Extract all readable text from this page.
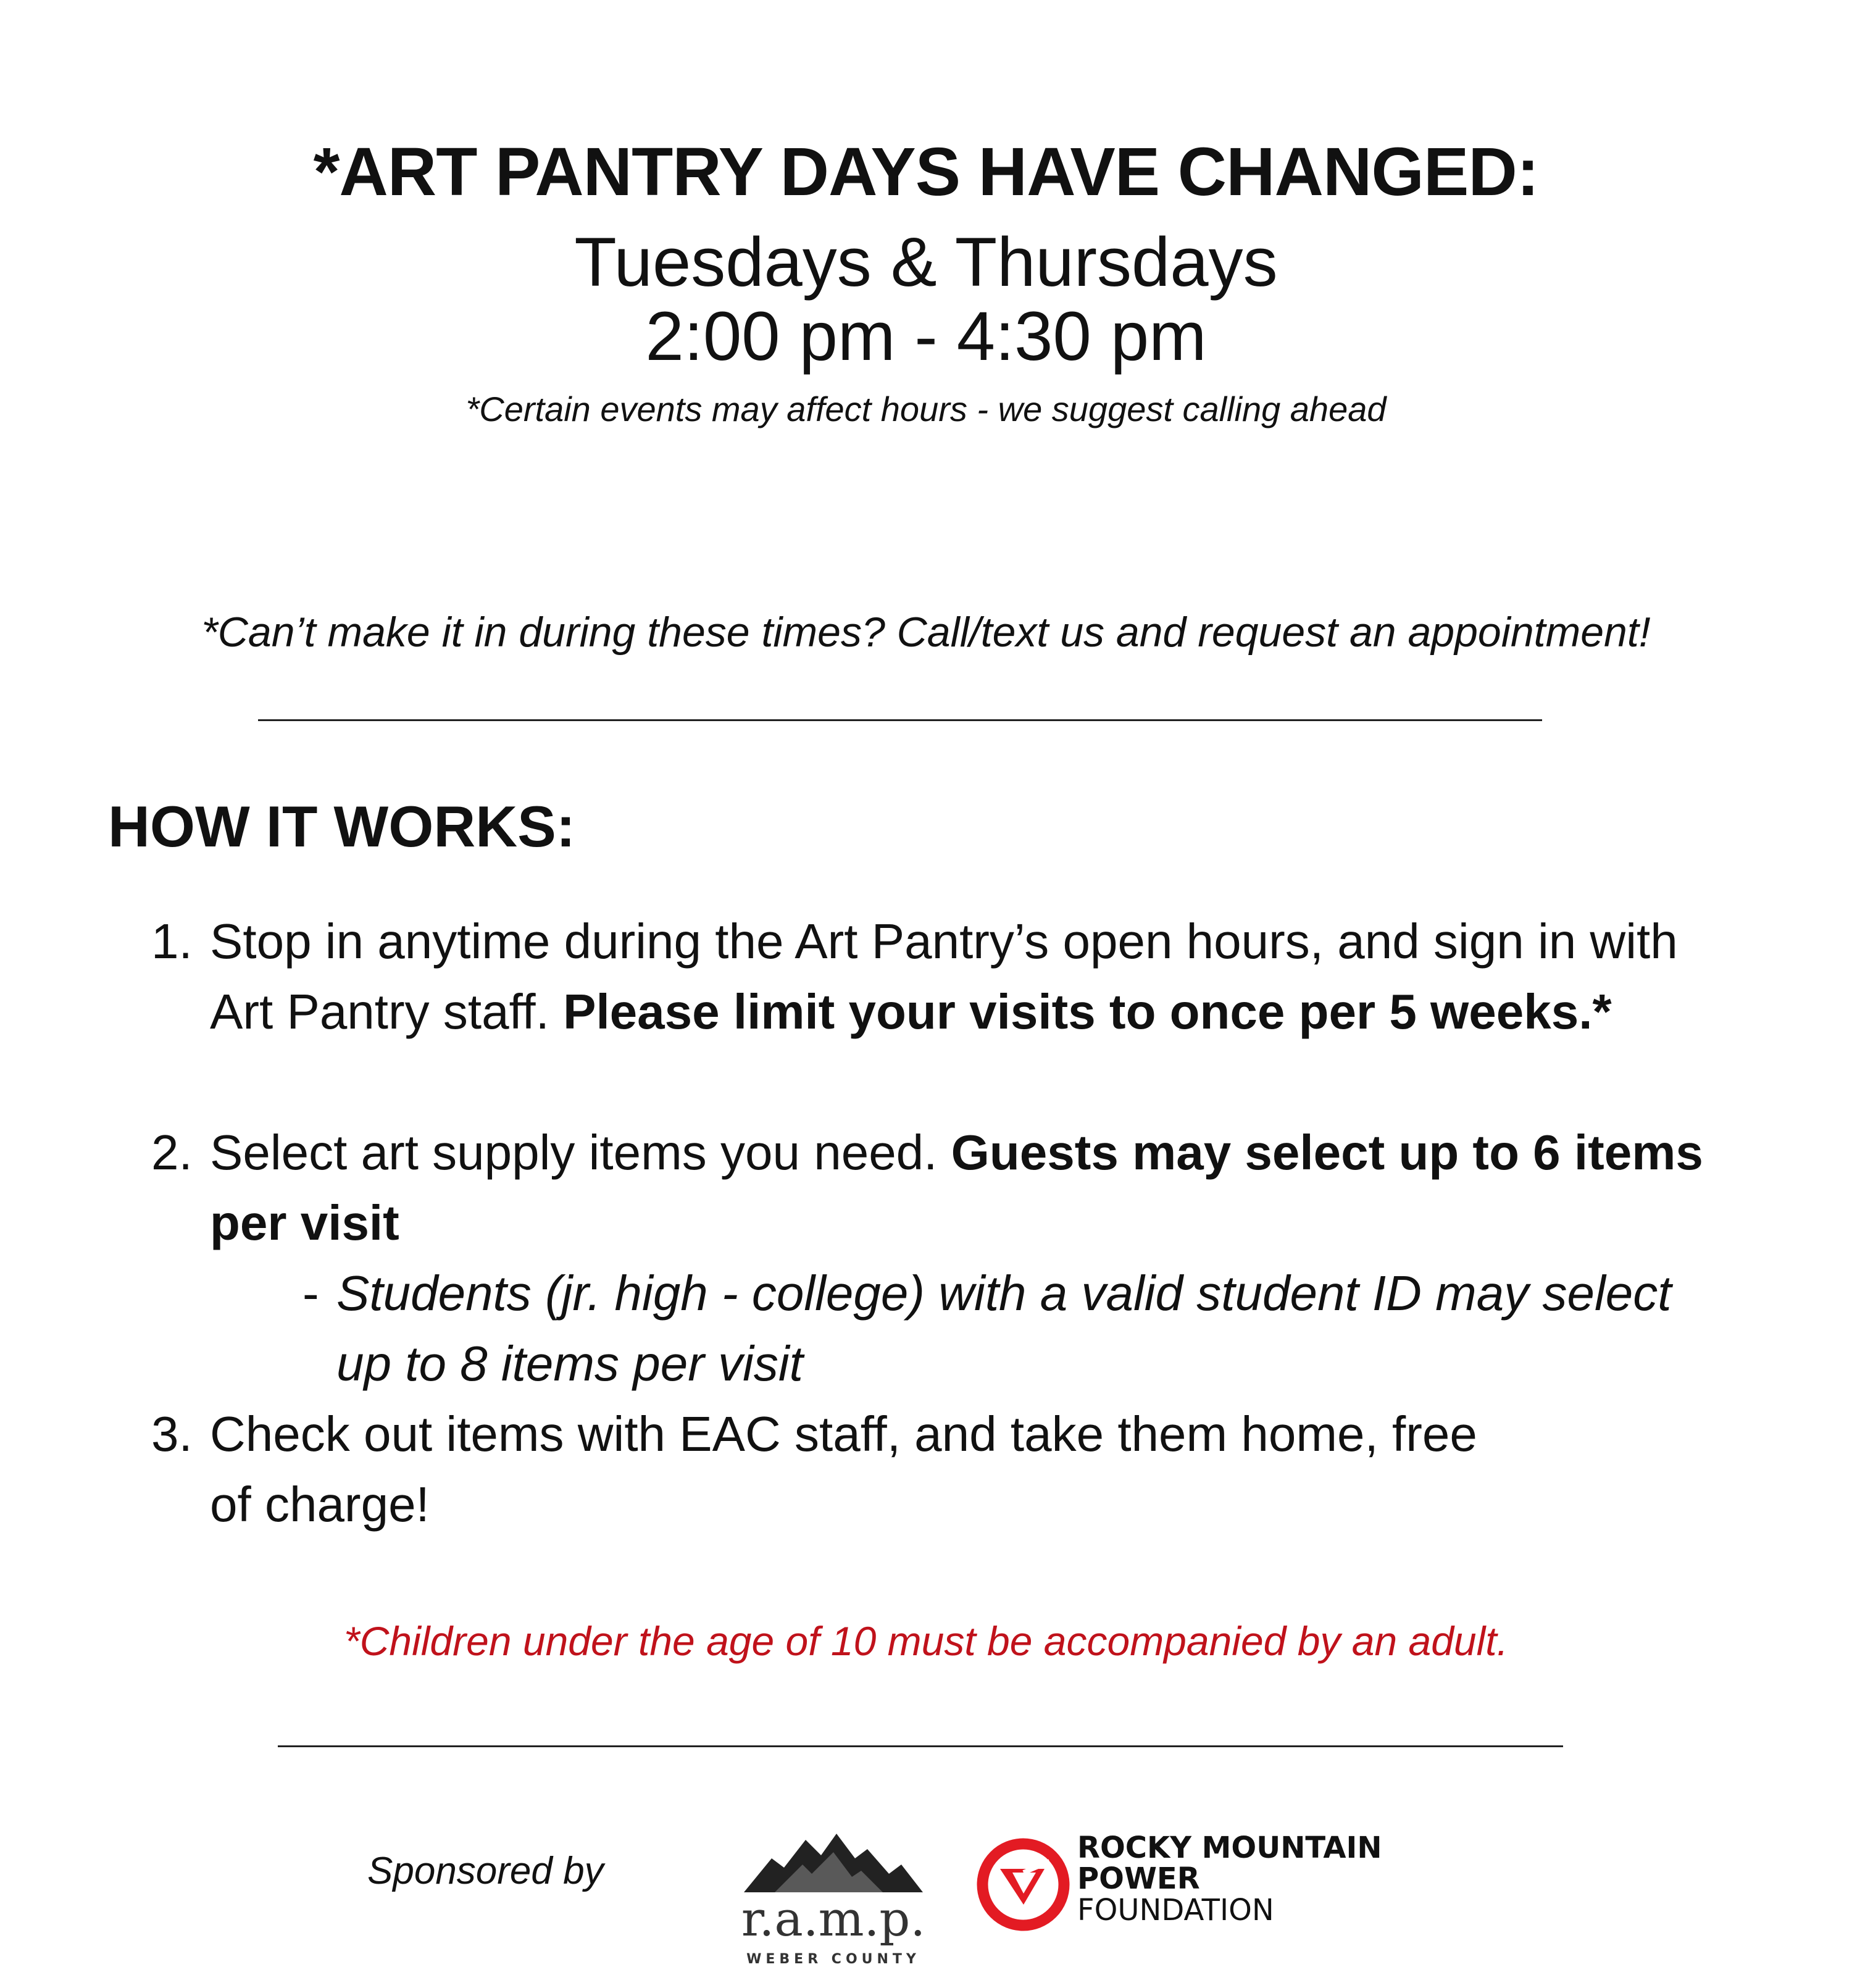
*ART PANTRY DAYS HAVE CHANGED:
Tuesdays & Thursdays
2:00 pm - 4:30 pm
*Certain events may affect hours - we suggest calling ahead
*Can’t make it in during these times? Call/text us and request an appointment!
HOW IT WORKS:
1. Stop in anytime during the Art Pantry’s open hours, and sign in with Art Pantry staff. Please limit your visits to once per 5 weeks.*
2. Select art supply items you need. Guests may select up to 6 items per visit
- Students (jr. high - college) with a valid student ID may select up to 8 items per visit
3. Check out items with EAC staff, and take them home, free of charge!
*Children under the age of 10 must be accompanied by an adult.
Sponsored by
r.a.m.p.
WEBER COUNTY
ROCKY MOUNTAIN
POWER
FOUNDATION
